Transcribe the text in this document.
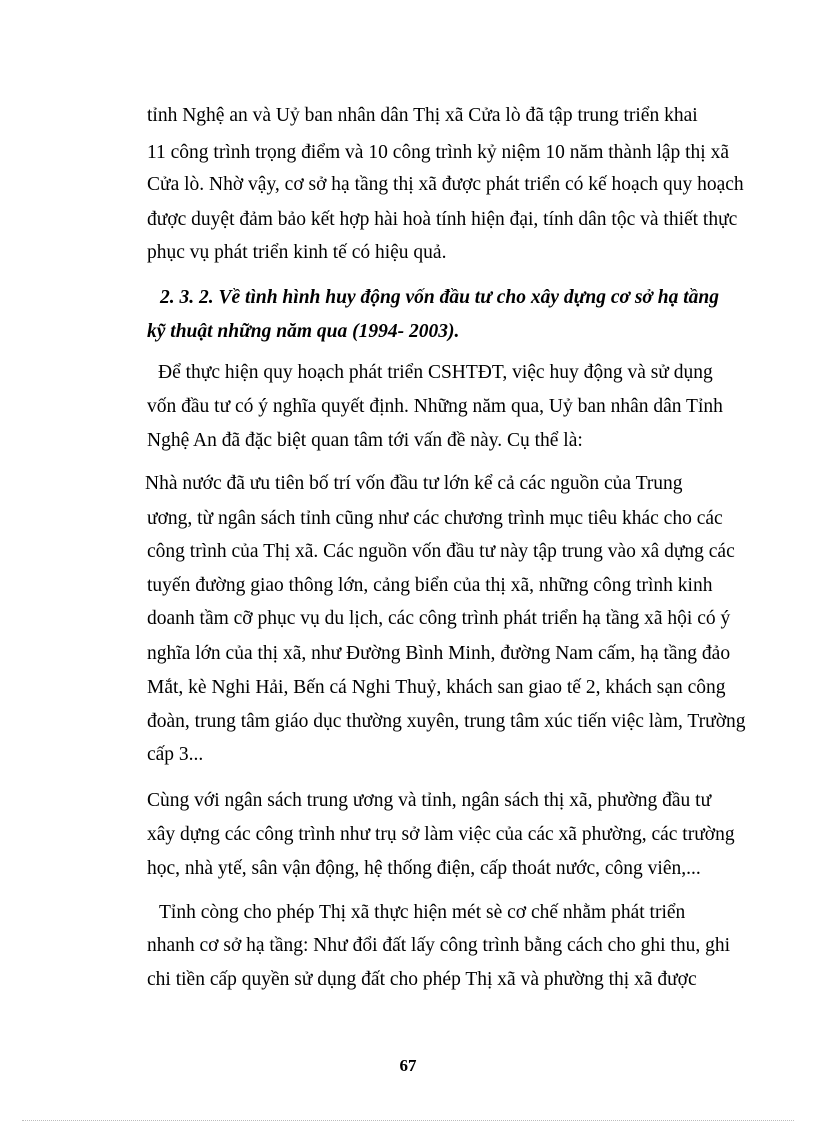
tỉnh Nghệ an và Uỷ ban nhân dân Thị xã Cửa lò đã tập trung triển khai
11 công trình trọng điểm và 10 công trình kỷ niệm 10 năm thành lập thị xã
Cửa lò. Nhờ vậy, cơ sở hạ tầng thị xã được phát triển có kế hoạch quy hoạch
được duyệt đảm bảo kết hợp hài hoà tính hiện đại, tính dân tộc và thiết thực
phục vụ phát triển kinh tế có hiệu quả.
2. 3. 2. Về tình hình huy động vốn đầu tư cho xây dựng cơ sở hạ tầng
kỹ thuật những năm qua (1994- 2003).
Để thực hiện quy hoạch phát triển CSHTĐT, việc huy động và sử dụng
vốn đầu tư có ý nghĩa quyết định. Những năm qua, Uỷ ban nhân dân Tỉnh
Nghệ An đã đặc biệt quan tâm tới vấn đề này. Cụ thể là:
Nhà nước đã ưu tiên bố trí vốn đầu tư lớn kể cả các nguồn của Trung
ương, từ ngân sách tỉnh cũng như các chương trình mục tiêu khác cho các
công trình của Thị xã. Các nguồn vốn đầu tư này tập trung vào xâ dựng các
tuyến đường giao thông lớn, cảng biển của thị xã, những công trình kinh
doanh tầm cỡ phục vụ du lịch, các công trình phát triển hạ tầng xã hội có ý
nghĩa lớn của thị xã, như Đường Bình Minh, đường Nam cấm, hạ tầng đảo
Mắt, kè Nghi Hải, Bến cá Nghi Thuỷ, khách san giao tế 2, khách sạn công
đoàn, trung tâm giáo dục thường xuyên, trung tâm xúc tiến việc làm, Trường
cấp 3...
Cùng với ngân sách trung ương và tỉnh, ngân sách thị xã, phường đầu tư
xây dựng các công trình như trụ sở làm việc của các xã phường, các trường
học, nhà ytế, sân vận động, hệ thống điện, cấp thoát nước, công viên,...
Tỉnh còng cho phép Thị xã thực hiện mét sè cơ chế nhằm phát triển
nhanh cơ sở hạ tầng: Như đổi đất lấy công trình bằng cách cho ghi thu, ghi
chi tiền cấp quyền sử dụng đất cho phép Thị xã và phường thị xã được
67
